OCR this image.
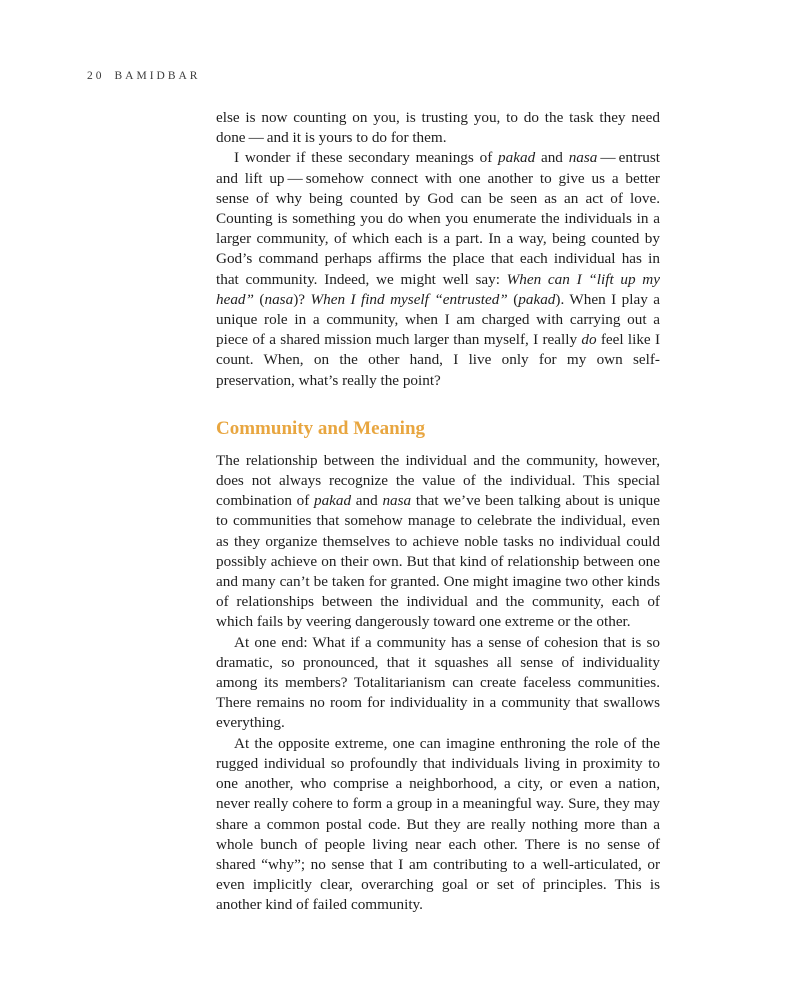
20 BAMIDBAR

else is now counting on you, is trusting you, to do the task they need done — and it is yours to do for them.

I wonder if these secondary meanings of pakad and nasa — entrust and lift up — somehow connect with one another to give us a better sense of why being counted by God can be seen as an act of love. Counting is something you do when you enumerate the individuals in a larger community, of which each is a part. In a way, being counted by God’s command perhaps affirms the place that each individual has in that community. Indeed, we might well say: When can I “lift up my head” (nasa)? When I find myself “entrusted” (pakad). When I play a unique role in a community, when I am charged with carrying out a piece of a shared mission much larger than myself, I really do feel like I count. When, on the other hand, I live only for my own self-preservation, what’s really the point?

Community and Meaning

The relationship between the individual and the community, however, does not always recognize the value of the individual. This special combination of pakad and nasa that we’ve been talking about is unique to communities that somehow manage to celebrate the individual, even as they organize themselves to achieve noble tasks no individual could possibly achieve on their own. But that kind of relationship between one and many can’t be taken for granted. One might imagine two other kinds of relationships between the individual and the community, each of which fails by veering dangerously toward one extreme or the other.

At one end: What if a community has a sense of cohesion that is so dramatic, so pronounced, that it squashes all sense of individuality among its members? Totalitarianism can create faceless communities. There remains no room for individuality in a community that swallows everything.

At the opposite extreme, one can imagine enthroning the role of the rugged individual so profoundly that individuals living in proximity to one another, who comprise a neighborhood, a city, or even a nation, never really cohere to form a group in a meaningful way. Sure, they may share a common postal code. But they are really nothing more than a whole bunch of people living near each other. There is no sense of shared “why”; no sense that I am contributing to a well-articulated, or even implicitly clear, overarching goal or set of principles. This is another kind of failed community.
